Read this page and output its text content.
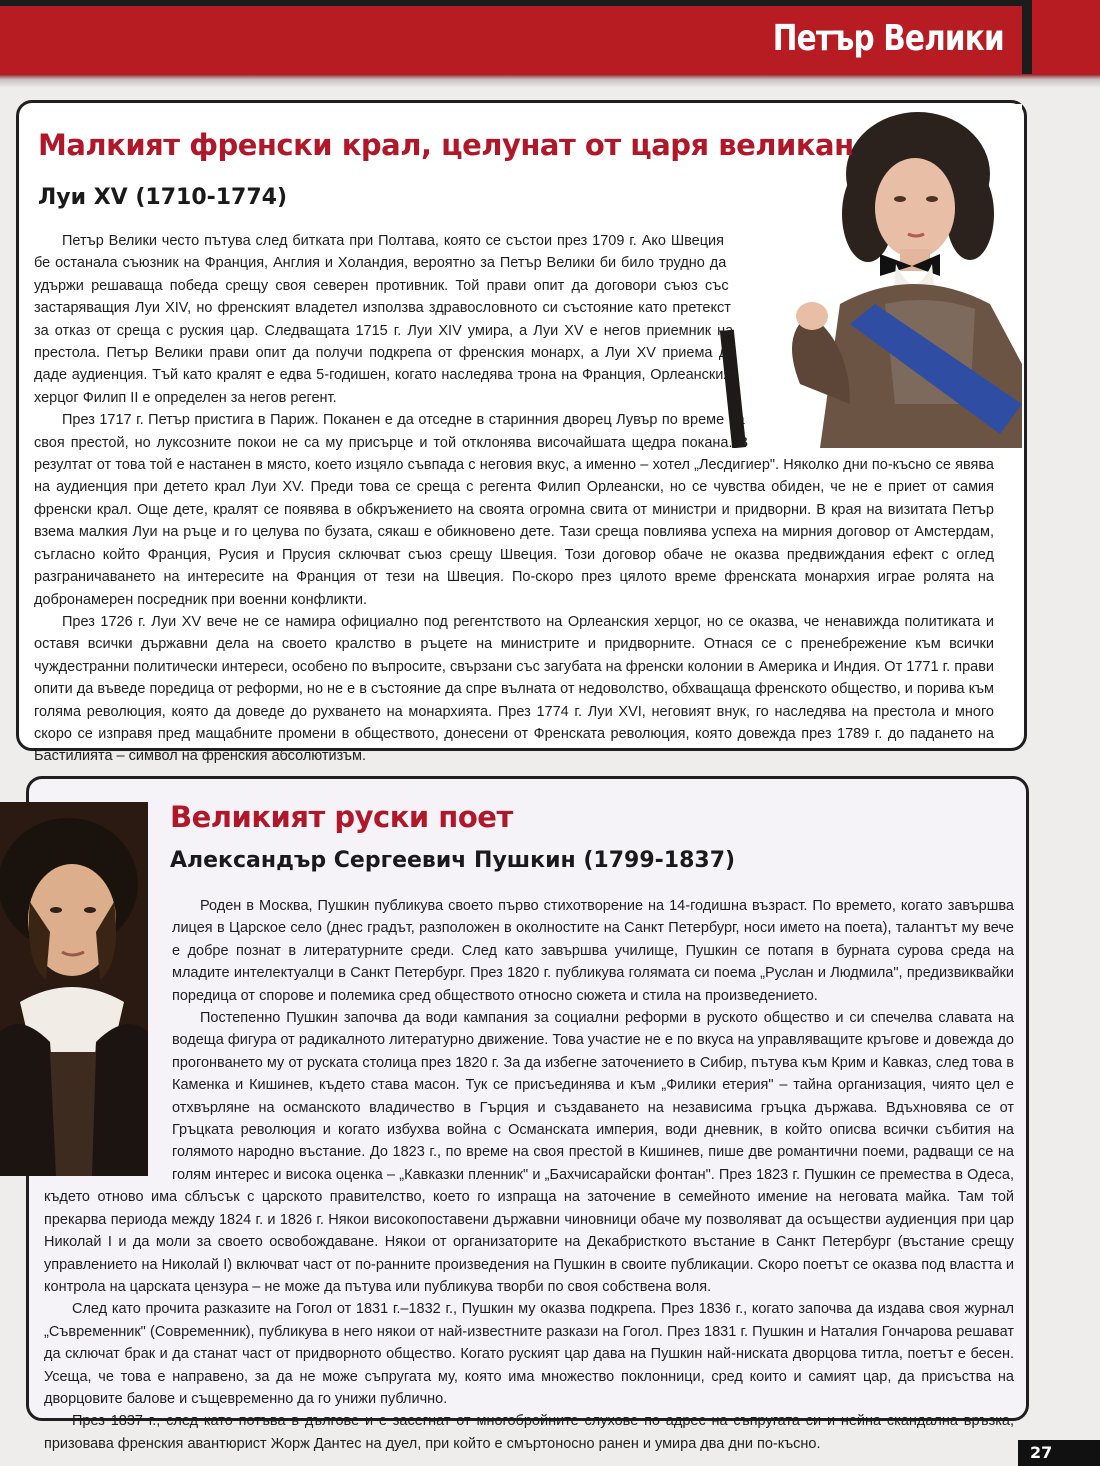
Петър Велики
Малкият френски крал, целунат от царя великан
Луи XV (1710-1774)

Петър Велики често пътува след битката при Полтава, която се състои през 1709 г. Ако Швеция бе останала съюзник на Франция, Англия и Холандия, вероятно за Петър Велики би било трудно да удържи решаваща победа срещу своя северен противник. Той прави опит да договори съюз със застаряващия Луи XIV, но френският владетел използва здравословното си състояние като претекст за отказ от среща с руския цар. Следващата 1715 г. Луи XIV умира, а Луи XV е негов приемник на престола. Петър Велики прави опит да получи подкрепа от френския монарх, а Луи XV приема да даде аудиенция. Тъй като кралят е едва 5-годишен, когато наследява трона на Франция, Орлеанският херцог Филип II е определен за негов регент.

През 1717 г. Петър пристига в Париж. Поканен е да отседне в старинния дворец Лувър по време на своя престой, но луксозните покои не са му присърце и той отклонява височайшата щедра покана. В резултат от това той е настанен в място, което изцяло съвпада с неговия вкус, а именно – хотел „Лесдигиер". Няколко дни по-късно се явява на аудиенция при детето крал Луи XV. Преди това се среща с регента Филип Орлеански, но се чувства обиден, че не е приет от самия френски крал. Още дете, кралят се появява в обкръжението на своята огромна свита от министри и придворни. В края на визитата Петър взема малкия Луи на ръце и го целува по бузата, сякаш е обикновено дете. Тази среща повлиява успеха на мирния договор от Амстердам, съгласно който Франция, Русия и Прусия сключват съюз срещу Швеция. Този договор обаче не оказва предвиждания ефект с оглед разграничаването на интересите на Франция от тези на Швеция. По-скоро през цялото време френската монархия играе ролята на добронамерен посредник при военни конфликти.

През 1726 г. Луи XV вече не се намира официално под регентството на Орлеанския херцог, но се оказва, че ненавижда политиката и оставя всички държавни дела на своето кралство в ръцете на министрите и придворните. Отнася се с пренебрежение към всички чуждестранни политически интереси, особено по въпросите, свързани със загубата на френски колонии в Америка и Индия. От 1771 г. прави опити да въведе поредица от реформи, но не е в състояние да спре вълната от недоволство, обхващаща френското общество, и порива към голяма революция, която да доведе до рухването на монархията. През 1774 г. Луи XVI, неговият внук, го наследява на престола и много скоро се изправя пред мащабните промени в обществото, донесени от Френската революция, която довежда през 1789 г. до падането на Бастилията – символ на френския абсолютизъм.

Великият руски поет
Александър Сергеевич Пушкин (1799-1837)

Роден в Москва, Пушкин публикува своето първо стихотворение на 14-годишна възраст. По времето, когато завършва лицея в Царское село (днес градът, разположен в околностите на Санкт Петербург, носи името на поета), талантът му вече е добре познат в литературните среди. След като завършва училище, Пушкин се потапя в бурната сурова среда на младите интелектуалци в Санкт Петербург. През 1820 г. публикува голямата си поема „Руслан и Людмила", предизвиквайки поредица от спорове и полемика сред обществото относно сюжета и стила на произведението.

Постепенно Пушкин започва да води кампания за социални реформи в руското общество и си спечелва славата на водеща фигура от радикалното литературно движение. Това участие не е по вкуса на управляващите кръгове и довежда до прогонването му от руската столица през 1820 г. За да избегне заточението в Сибир, пътува към Крим и Кавказ, след това в Каменка и Кишинев, където става масон. Тук се присъединява и към „Филики етерия" – тайна организация, чиято цел е отхвърляне на османското владичество в Гърция и създаването на независима гръцка държава. Вдъхновява се от Гръцката революция и когато избухва война с Османската империя, води дневник, в който описва всички събития на голямото народно въстание. До 1823 г., по време на своя престой в Кишинев, пише две романтични поеми, радващи се на голям интерес и висока оценка – „Кавказки пленник" и „Бахчисарайски фонтан". През 1823 г. Пушкин се премества в Одеса, където отново има сблъсък с царското правителство, което го изпраща на заточение в семейното имение на неговата майка. Там той прекарва периода между 1824 г. и 1826 г. Някои високопоставени държавни чиновници обаче му позволяват да осъществи аудиенция при цар Николай I и да моли за своето освобождаване. Някои от организаторите на Декабристкото въстание в Санкт Петербург (въстание срещу управлението на Николай I) включват част от по-ранните произведения на Пушкин в своите публикации. Скоро поетът се оказва под властта и контрола на царската цензура – не може да пътува или публикува творби по своя собствена воля.

След като прочита разказите на Гогол от 1831 г.–1832 г., Пушкин му оказва подкрепа. През 1836 г., когато започва да издава своя журнал „Съвременник" (Современник), публикува в него някои от най-известните разкази на Гогол. През 1831 г. Пушкин и Наталия Гончарова решават да сключат брак и да станат част от придворното общество. Когато руският цар дава на Пушкин най-ниската дворцова титла, поетът е бесен. Усеща, че това е направено, за да не може съпругата му, която има множество поклонници, сред които и самият цар, да присъства на дворцовите балове и същевременно да го унижи публично.

През 1837 г., след като потъва в дългове и е засегнат от многобройните слухове по адрес на съпругата си и нейна скандална връзка, призовава френския авантюрист Жорж Дантес на дуел, при който е смъртоносно ранен и умира два дни по-късно.	27
